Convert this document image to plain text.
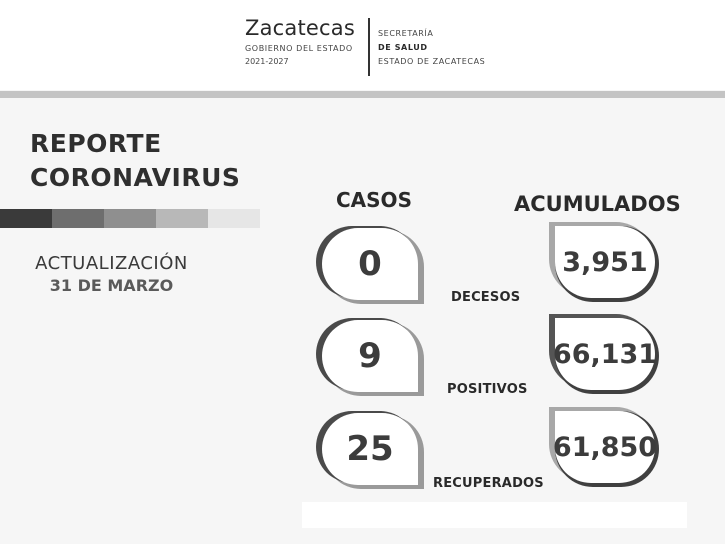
Zacatecas
GOBIERNO DEL ESTADO
2021-2027
SECRETARÍA
DE SALUD
ESTADO DE ZACATECAS
REPORTE
CORONAVIRUS
ACTUALIZACIÓN
31 DE MARZO
CASOS	ACUMULADOS
0
DECESOS
3,951
9
POSITIVOS
66,131
25
RECUPERADOS
61,850
